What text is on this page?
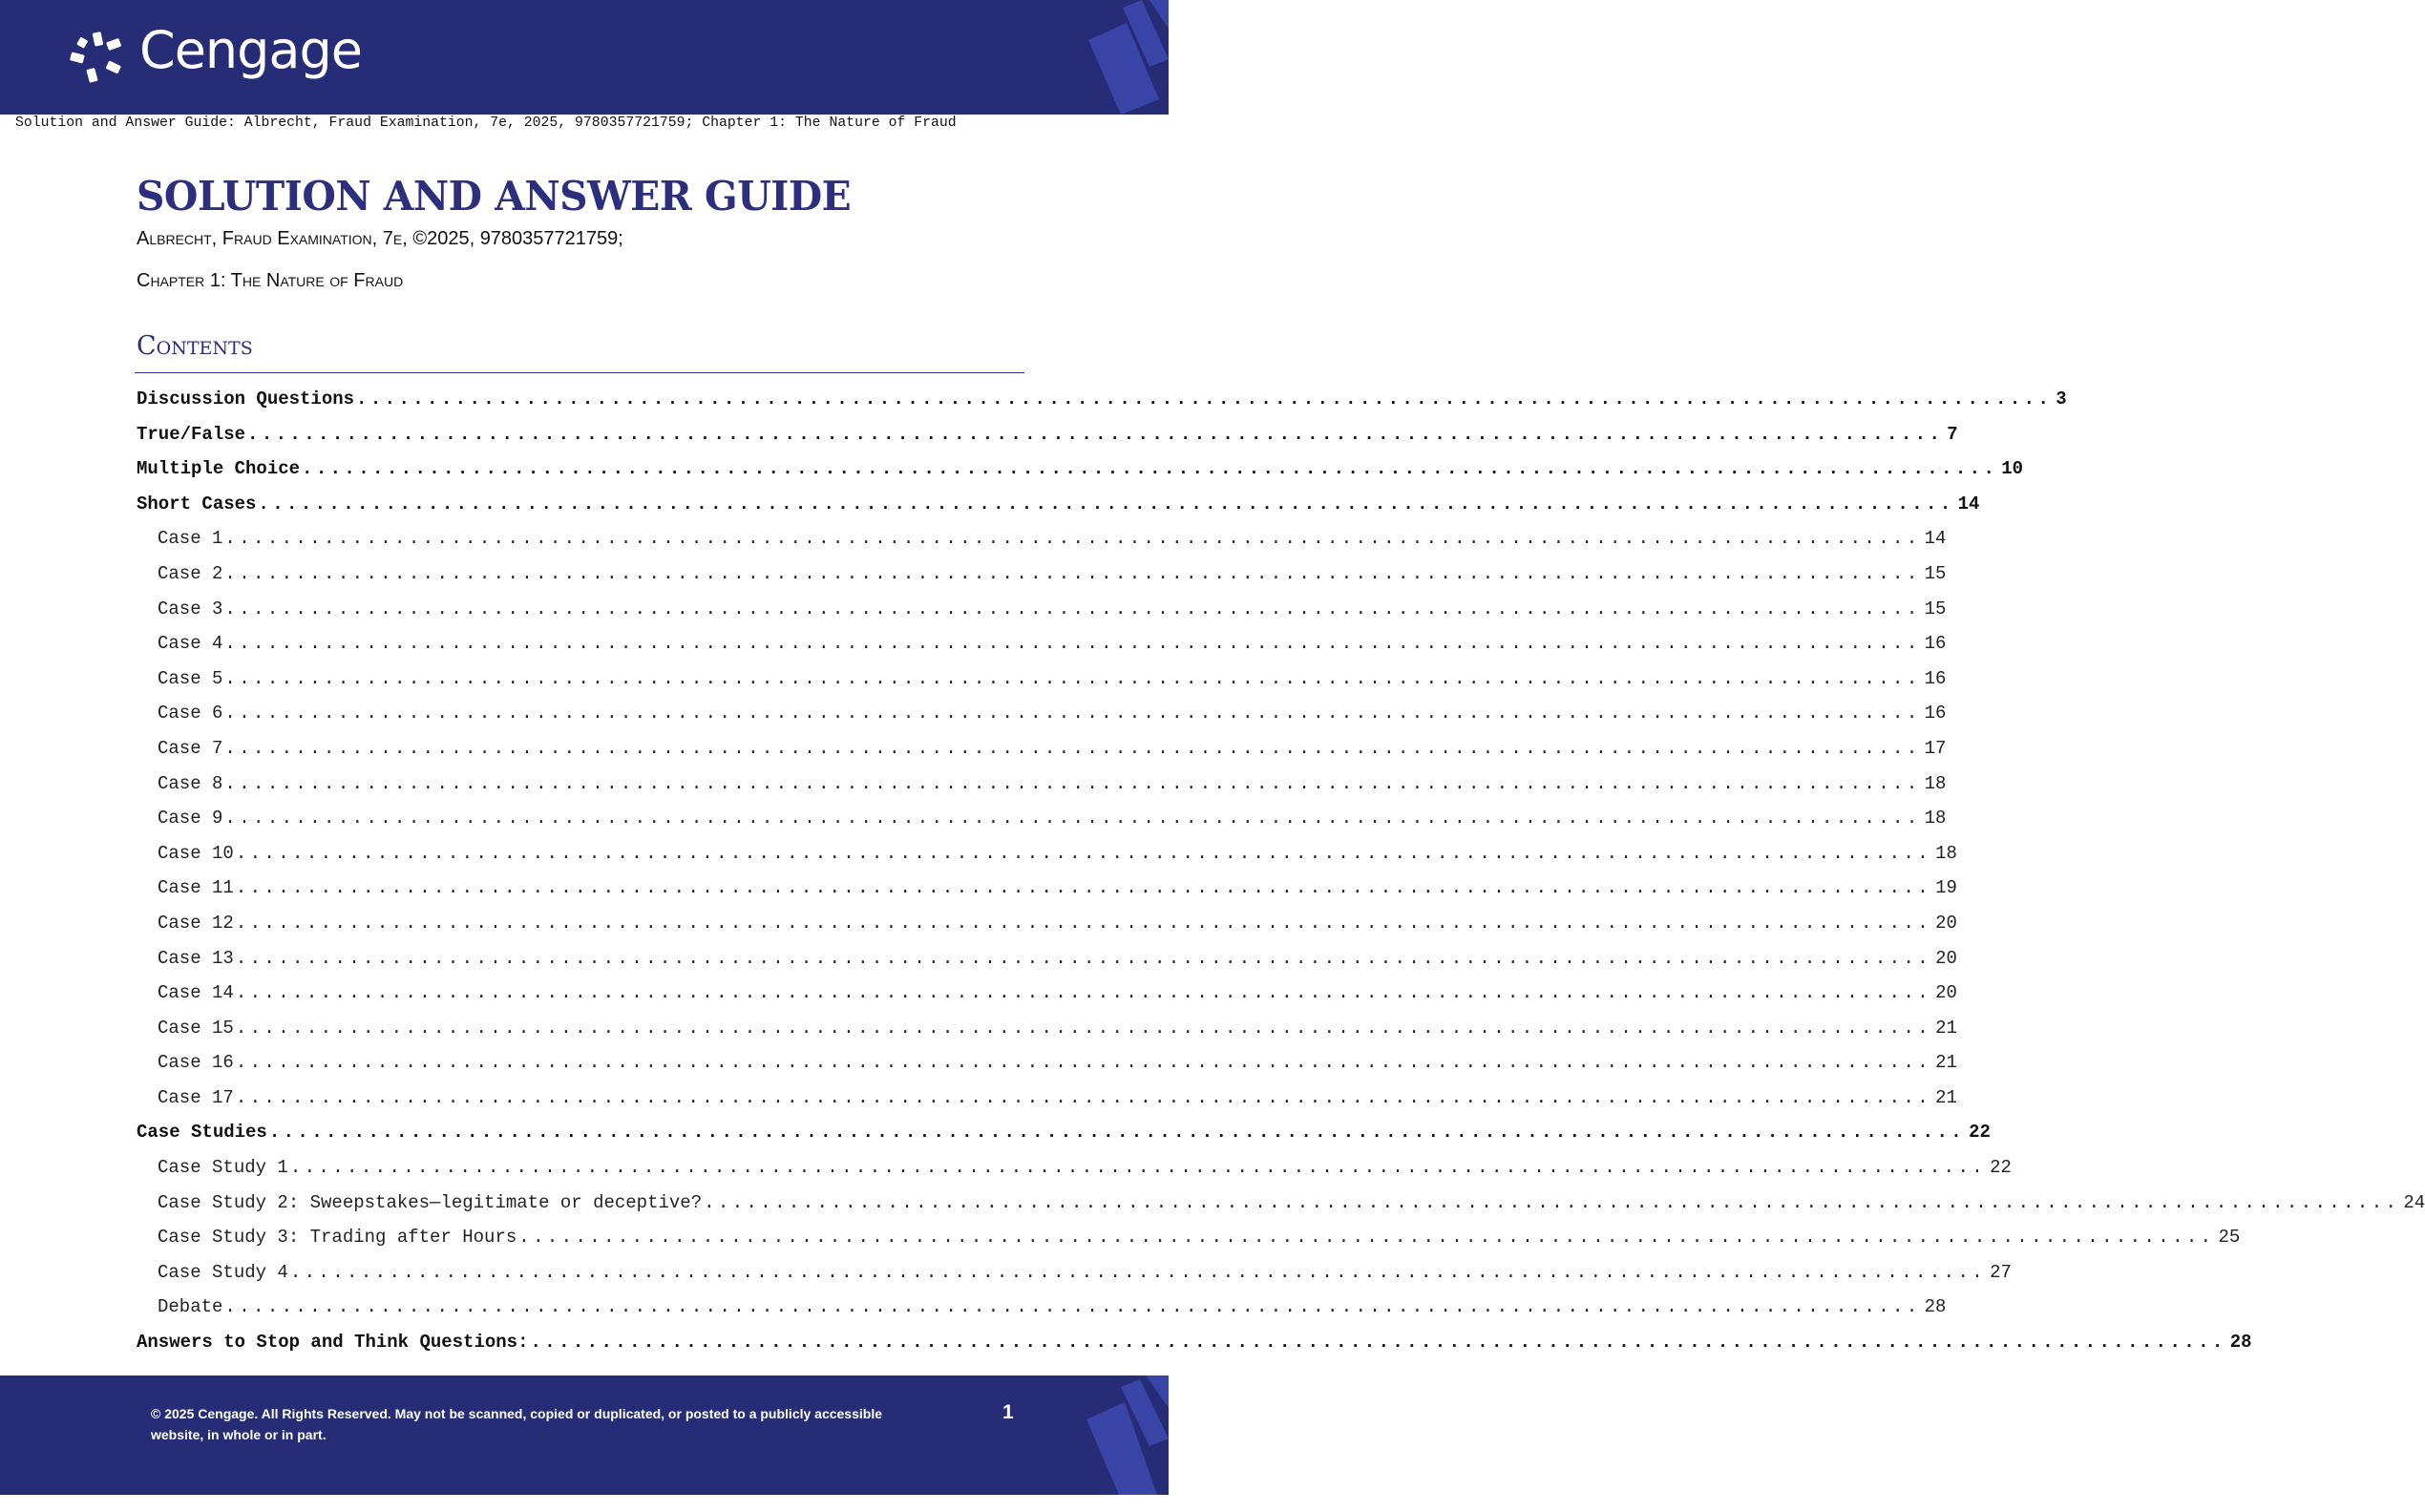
Cengage
Solution and Answer Guide: Albrecht, Fraud Examination, 7e, 2025, 9780357721759; Chapter 1: The Nature of Fraud
SOLUTION AND ANSWER GUIDE
Albrecht, Fraud Examination, 7e, ©2025, 9780357721759;
Chapter 1: The Nature of Fraud
Contents
Discussion Questions ........................................................................................................................ 3
True/False ........................................................................................................................ 7
Multiple Choice ........................................................................................................................ 10
Short Cases ........................................................................................................................ 14
Case 1 ........................................................................................................................ 14
Case 2 ........................................................................................................................ 15
Case 3 ........................................................................................................................ 15
Case 4 ........................................................................................................................ 16
Case 5 ........................................................................................................................ 16
Case 6 ........................................................................................................................ 16
Case 7 ........................................................................................................................ 17
Case 8 ........................................................................................................................ 18
Case 9 ........................................................................................................................ 18
Case 10 ........................................................................................................................ 18
Case 11 ........................................................................................................................ 19
Case 12 ........................................................................................................................ 20
Case 13 ........................................................................................................................ 20
Case 14 ........................................................................................................................ 20
Case 15 ........................................................................................................................ 21
Case 16 ........................................................................................................................ 21
Case 17 ........................................................................................................................ 21
Case Studies ........................................................................................................................ 22
Case Study 1 ........................................................................................................................ 22
Case Study 2: Sweepstakes—legitimate or deceptive? ........................................................................................................................ 24
Case Study 3: Trading after Hours ........................................................................................................................ 25
Case Study 4 ........................................................................................................................ 27
Debate ........................................................................................................................ 28
Answers to Stop and Think Questions: ........................................................................................................................ 28
© 2025 Cengage. All Rights Reserved. May not be scanned, copied or duplicated, or posted to a publicly accessible website, in whole or in part.
1
